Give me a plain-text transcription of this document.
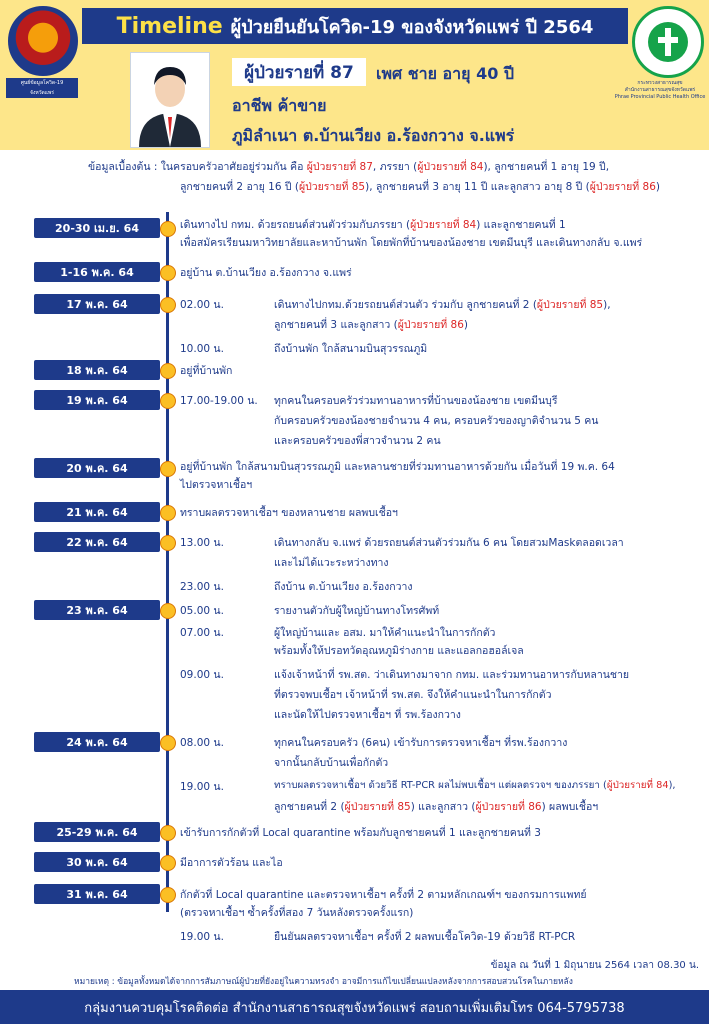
ศูนย์ข้อมูลโควิด-19
จังหวัดแพร่
Timeline ผู้ป่วยยืนยันโควิด-19 ของจังหวัดแพร่ ปี 2564
กระทรวงสาธารณสุข
สำนักงานสาธารณสุขจังหวัดแพร่
Phrae Provincial Public Health Office
ผู้ป่วยรายที่ 87	เพศ ชาย อายุ 40 ปี
อาชีพ ค้าขาย
ภูมิลำเนา ต.บ้านเวียง อ.ร้องกวาง จ.แพร่
ข้อมูลเบื้องต้น : ในครอบครัวอาศัยอยู่ร่วมกัน คือ ผู้ป่วยรายที่ 87, ภรรยา (ผู้ป่วยรายที่ 84), ลูกชายคนที่ 1 อายุ 19 ปี,
ลูกชายคนที่ 2 อายุ 16 ปี (ผู้ป่วยรายที่ 85), ลูกชายคนที่ 3 อายุ 11 ปี และลูกสาว อายุ 8 ปี (ผู้ป่วยรายที่ 86)
20-30 เม.ย. 64	เดินทางไป กทม. ด้วยรถยนต์ส่วนตัวร่วมกับภรรยา (ผู้ป่วยรายที่ 84) และลูกชายคนที่ 1
เพื่อสมัครเรียนมหาวิทยาลัยและหาบ้านพัก โดยพักที่บ้านของน้องชาย เขตมีนบุรี และเดินทางกลับ จ.แพร่
1-16 พ.ค. 64	อยู่บ้าน ต.บ้านเวียง อ.ร้องกวาง จ.แพร่
17 พ.ค. 64	02.00 น.	เดินทางไปกทม.ด้วยรถยนต์ส่วนตัว ร่วมกับ ลูกชายคนที่ 2 (ผู้ป่วยรายที่ 85),
ลูกชายคนที่ 3 และลูกสาว (ผู้ป่วยรายที่ 86)
10.00 น.	ถึงบ้านพัก ใกล้สนามบินสุวรรณภูมิ
18 พ.ค. 64	อยู่ที่บ้านพัก
19 พ.ค. 64	17.00-19.00 น. ทุกคนในครอบครัวร่วมทานอาหารที่บ้านของน้องชาย เขตมีนบุรี
กับครอบครัวของน้องชายจำนวน 4 คน, ครอบครัวของญาติจำนวน 5 คน
และครอบครัวของพี่สาวจำนวน 2 คน
20 พ.ค. 64	อยู่ที่บ้านพัก ใกล้สนามบินสุวรรณภูมิ และหลานชายที่ร่วมทานอาหารด้วยกัน เมื่อวันที่ 19 พ.ค. 64
ไปตรวจหาเชื้อฯ
21 พ.ค. 64	ทราบผลตรวจหาเชื้อฯ ของหลานชาย ผลพบเชื้อฯ
22 พ.ค. 64	13.00 น.	เดินทางกลับ จ.แพร่ ด้วยรถยนต์ส่วนตัวร่วมกัน 6 คน โดยสวมMaskตลอดเวลา
และไม่ได้แวะระหว่างทาง
23.00 น.	ถึงบ้าน ต.บ้านเวียง อ.ร้องกวาง
23 พ.ค. 64	05.00 น.	รายงานตัวกับผู้ใหญ่บ้านทางโทรศัพท์
07.00 น.	ผู้ใหญ่บ้านและ อสม. มาให้คำแนะนำในการกักตัว
พร้อมทั้งให้ปรอทวัดอุณหภูมิร่างกาย และแอลกอฮอล์เจล
09.00 น.	แจ้งเจ้าหน้าที่ รพ.สต. ว่าเดินทางมาจาก กทม. และร่วมทานอาหารกับหลานชาย
ที่ตรวจพบเชื้อฯ เจ้าหน้าที่ รพ.สต. จึงให้คำแนะนำในการกักตัว
และนัดให้ไปตรวจหาเชื้อฯ ที่ รพ.ร้องกวาง
24 พ.ค. 64	08.00 น.	ทุกคนในครอบครัว (6คน) เข้ารับการตรวจหาเชื้อฯ ที่รพ.ร้องกวาง
จากนั้นกลับบ้านเพื่อกักตัว
19.00 น.	ทราบผลตรวจหาเชื้อฯ ด้วยวิธี RT-PCR ผลไม่พบเชื้อฯ แต่ผลตรวจฯ ของภรรยา (ผู้ป่วยรายที่ 84),
ลูกชายคนที่ 2 (ผู้ป่วยรายที่ 85) และลูกสาว (ผู้ป่วยรายที่ 86) ผลพบเชื้อฯ
25-29 พ.ค. 64	เข้ารับการกักตัวที่ Local quarantine พร้อมกับลูกชายคนที่ 1 และลูกชายคนที่ 3
30 พ.ค. 64	มีอาการตัวร้อน และไอ
31 พ.ค. 64	กักตัวที่ Local quarantine และตรวจหาเชื้อฯ ครั้งที่ 2 ตามหลักเกณฑ์ฯ ของกรมการแพทย์
(ตรวจหาเชื้อฯ ซ้ำครั้งที่สอง 7 วันหลังตรวจครั้งแรก)
19.00 น.	ยืนยันผลตรวจหาเชื้อฯ ครั้งที่ 2 ผลพบเชื้อโควิด-19 ด้วยวิธี RT-PCR
ข้อมูล ณ วันที่ 1 มิถุนายน 2564 เวลา 08.30 น.
หมายเหตุ : ข้อมูลทั้งหมดได้จากการสัมภาษณ์ผู้ป่วยที่ยังอยู่ในความทรงจำ อาจมีการแก้ไขเปลี่ยนแปลงหลังจากการสอบสวนโรคในภายหลัง
กลุ่มงานควบคุมโรคติดต่อ สำนักงานสาธารณสุขจังหวัดแพร่ สอบถามเพิ่มเติมโทร 064-5795738
